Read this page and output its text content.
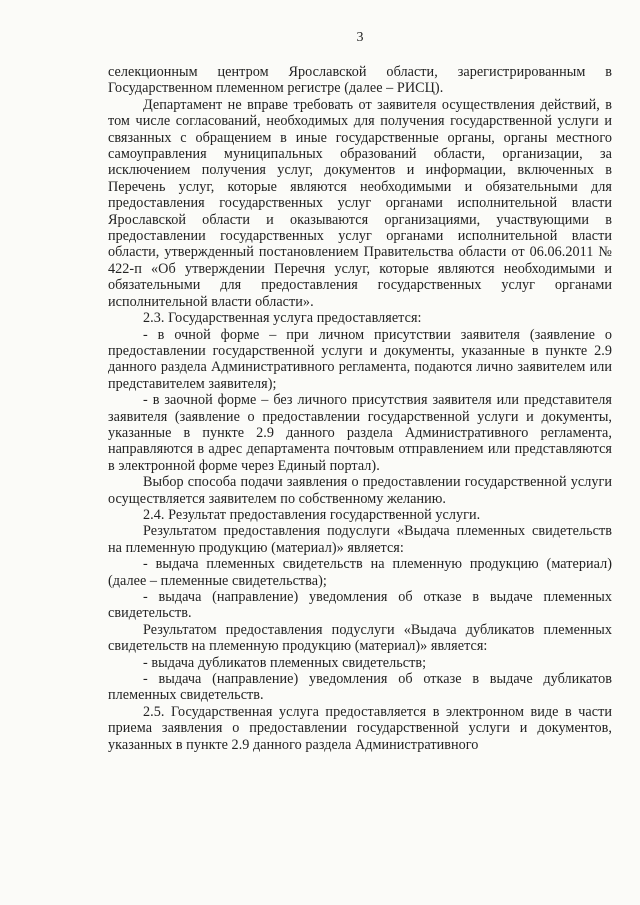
3

селекционным центром Ярославской области, зарегистрированным в Государственном племенном регистре (далее – РИСЦ).

Департамент не вправе требовать от заявителя осуществления действий, в том числе согласований, необходимых для получения государственной услуги и связанных с обращением в иные государственные органы, органы местного самоуправления муниципальных образований области, организации, за исключением получения услуг, документов и информации, включенных в Перечень услуг, которые являются необходимыми и обязательными для предоставления государственных услуг органами исполнительной власти Ярославской области и оказываются организациями, участвующими в предоставлении государственных услуг органами исполнительной власти области, утвержденный постановлением Правительства области от 06.06.2011 № 422-п «Об утверждении Перечня услуг, которые являются необходимыми и обязательными для предоставления государственных услуг органами исполнительной власти области».

2.3. Государственная услуга предоставляется:

- в очной форме – при личном присутствии заявителя (заявление о предоставлении государственной услуги и документы, указанные в пункте 2.9 данного раздела Административного регламента, подаются лично заявителем или представителем заявителя);

- в заочной форме – без личного присутствия заявителя или представителя заявителя (заявление о предоставлении государственной услуги и документы, указанные в пункте 2.9 данного раздела Административного регламента, направляются в адрес департамента почтовым отправлением или представляются в электронной форме через Единый портал).

Выбор способа подачи заявления о предоставлении государственной услуги осуществляется заявителем по собственному желанию.

2.4. Результат предоставления государственной услуги.

Результатом предоставления подуслуги «Выдача племенных свидетельств на племенную продукцию (материал)» является:

- выдача племенных свидетельств на племенную продукцию (материал) (далее – племенные свидетельства);

- выдача (направление) уведомления об отказе в выдаче племенных свидетельств.

Результатом предоставления подуслуги «Выдача дубликатов племенных свидетельств на племенную продукцию (материал)» является:

- выдача дубликатов племенных свидетельств;

- выдача (направление) уведомления об отказе в выдаче дубликатов племенных свидетельств.

2.5. Государственная услуга предоставляется в электронном виде в части приема заявления о предоставлении государственной услуги и документов, указанных в пункте 2.9 данного раздела Административного
